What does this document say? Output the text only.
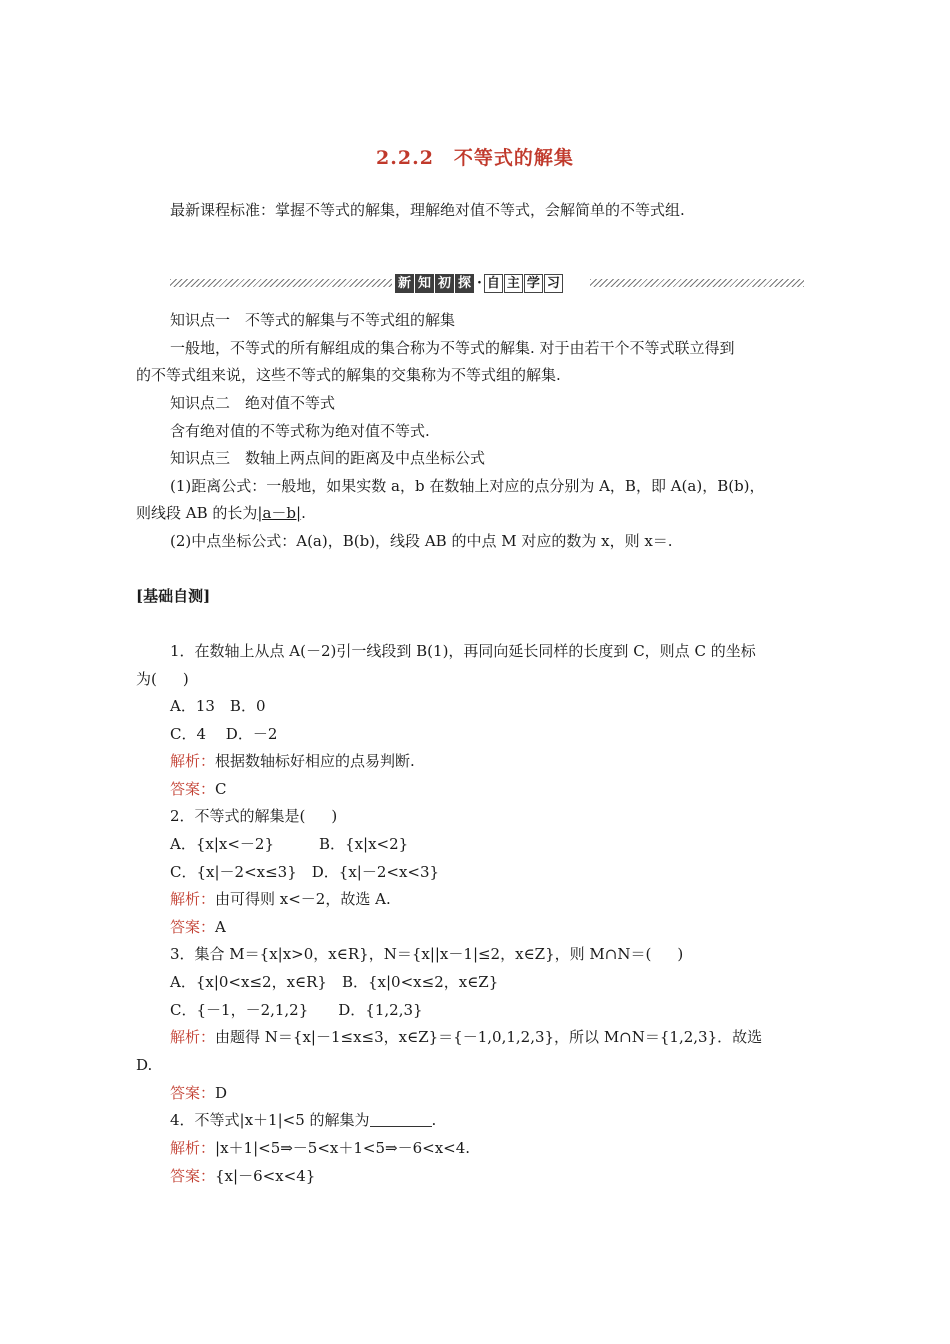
2.2.2　不等式的解集
最新课程标准：掌握不等式的解集，理解绝对值不等式，会解简单的不等式组.
新 知 初 探 · 自 主 学 习
知识点一　不等式的解集与不等式组的解集
一般地，不等式的所有解组成的集合称为不等式的解集. 对于由若干个不等式联立得到
的不等式组来说，这些不等式的解集的交集称为不等式组的解集.
知识点二　绝对值不等式
含有绝对值的不等式称为绝对值不等式.
知识点三　数轴上两点间的距离及中点坐标公式
(1)距离公式：一般地，如果实数 a，b 在数轴上对应的点分别为 A，B，即 A(a)，B(b)，
则线段 AB 的长为|a－b|.
(2)中点坐标公式：A(a)，B(b)，线段 AB 的中点 M 对应的数为 x，则 x＝.
[基础自测]
1．在数轴上从点 A(－2)引一线段到 B(1)，再同向延长同样的长度到 C，则点 C 的坐标
为( )
A．13　B．0
C．4　 D．－2
解析：根据数轴标好相应的点易判断.
答案：C
2．不等式的解集是( )
A．{x|x<－2}　　　B．{x|x<2}
C．{x|－2<x≤3}　D．{x|－2<x<3}
解析：由可得则 x<－2，故选 A.
答案：A
3．集合 M＝{x|x>0，x∈R}，N＝{x||x－1|≤2，x∈Z}，则 M∩N＝( )
A．{x|0<x≤2，x∈R}　B．{x|0<x≤2，x∈Z}
C．{－1，－2,1,2}　　D．{1,2,3}
解析：由题得 N＝{x|－1≤x≤3，x∈Z}＝{－1,0,1,2,3}，所以 M∩N＝{1,2,3}．故选
D.
答案：D
4．不等式|x＋1|<5 的解集为	.
解析：|x＋1|<5⇒－5<x＋1<5⇒－6<x<4.
答案：{x|－6<x<4}
